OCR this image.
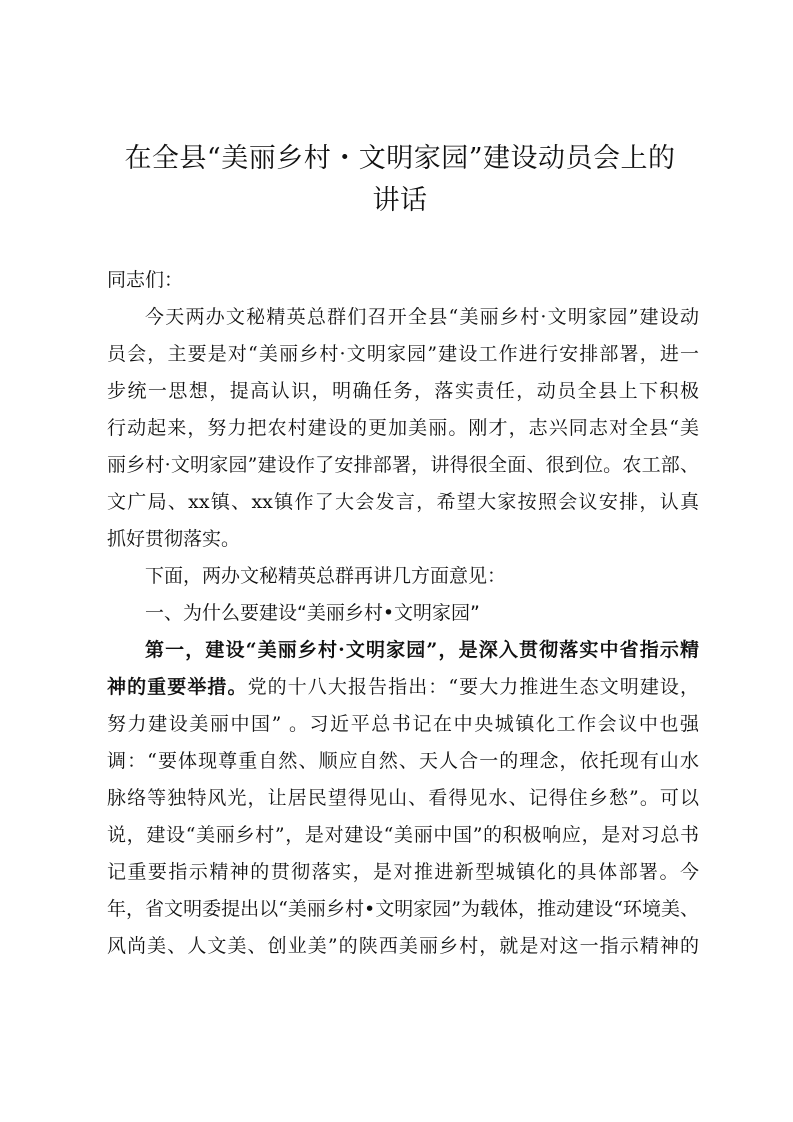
在全县“美丽乡村・文明家园”建设动员会上的
讲话

同志们：

今天两办文秘精英总群们召开全县“美丽乡村·文明家园”建设动
员会，主要是对“美丽乡村·文明家园”建设工作进行安排部署，进一
步统一思想，提高认识，明确任务，落实责任，动员全县上下积极
行动起来，努力把农村建设的更加美丽。刚才，志兴同志对全县“美
丽乡村·文明家园”建设作了安排部署，讲得很全面、很到位。农工部、
文广局、xx镇、xx镇作了大会发言，希望大家按照会议安排，认真
抓好贯彻落实。
下面，两办文秘精英总群再讲几方面意见：
一、为什么要建设“美丽乡村•文明家园”
第一，建设“美丽乡村·文明家园”，是深入贯彻落实中省指示精
神的重要举措。党的十八大报告指出：“要大力推进生态文明建设，
努力建设美丽中国” 。习近平总书记在中央城镇化工作会议中也强
调：“要体现尊重自然、顺应自然、天人合一的理念，依托现有山水
脉络等独特风光，让居民望得见山、看得见水、记得住乡愁”。可以
说，建设“美丽乡村”，是对建设“美丽中国”的积极响应，是对习总书
记重要指示精神的贯彻落实，是对推进新型城镇化的具体部署。今
年，省文明委提出以“美丽乡村•文明家园”为载体，推动建设“环境美、
风尚美、人文美、创业美”的陕西美丽乡村，就是对这一指示精神的
